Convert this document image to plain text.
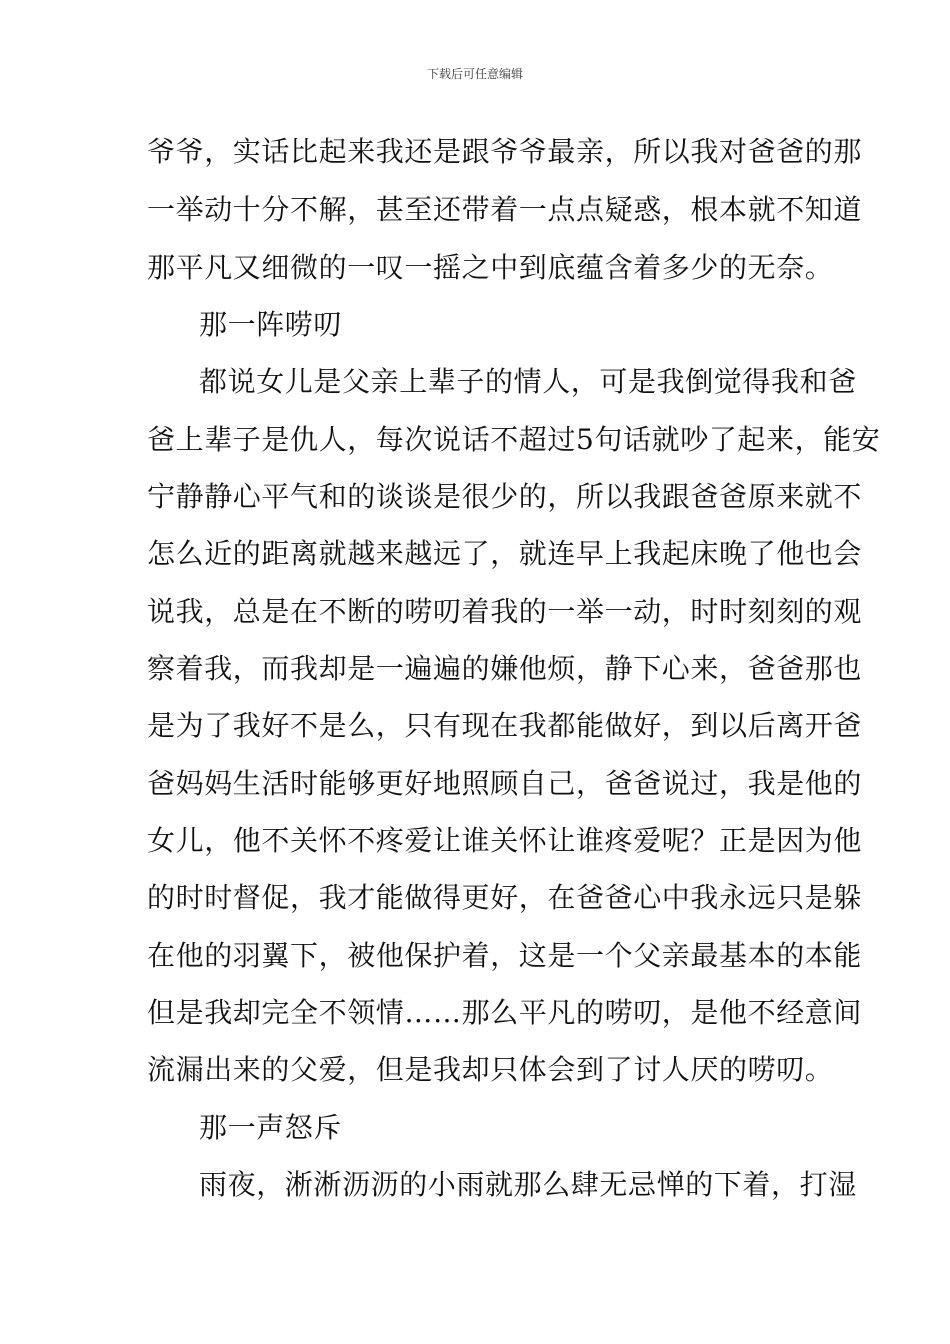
下载后可任意编辑
爷爷，实话比起来我还是跟爷爷最亲，所以我对爸爸的那
一举动十分不解，甚至还带着一点点疑惑，根本就不知道
那平凡又细微的一叹一摇之中到底蕴含着多少的无奈。
那一阵唠叨
都说女儿是父亲上辈子的情人，可是我倒觉得我和爸
爸上辈子是仇人，每次说话不超过5句话就吵了起来，能安
宁静静心平气和的谈谈是很少的，所以我跟爸爸原来就不
怎么近的距离就越来越远了，就连早上我起床晚了他也会
说我，总是在不断的唠叨着我的一举一动，时时刻刻的观
察着我，而我却是一遍遍的嫌他烦，静下心来，爸爸那也
是为了我好不是么，只有现在我都能做好，到以后离开爸
爸妈妈生活时能够更好地照顾自己，爸爸说过，我是他的
女儿，他不关怀不疼爱让谁关怀让谁疼爱呢？正是因为他
的时时督促，我才能做得更好，在爸爸心中我永远只是躲
在他的羽翼下，被他保护着，这是一个父亲最基本的本能
但是我却完全不领情……那么平凡的唠叨，是他不经意间
流漏出来的父爱，但是我却只体会到了讨人厌的唠叨。
那一声怒斥
雨夜，淅淅沥沥的小雨就那么肆无忌惮的下着，打湿
